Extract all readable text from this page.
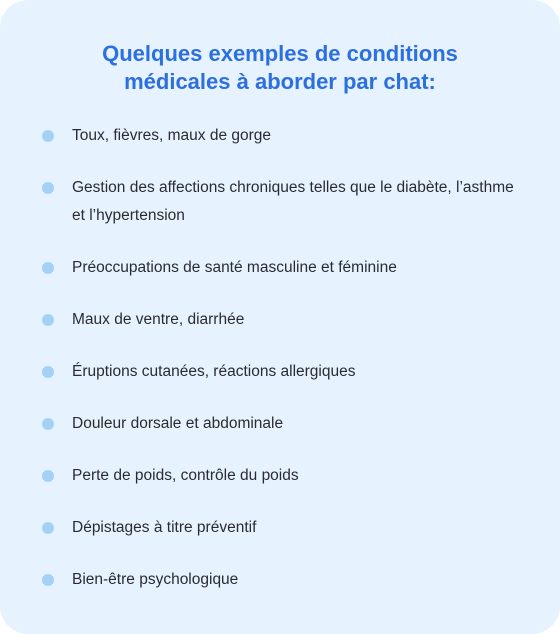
Quelques exemples de conditions
médicales à aborder par chat:

Toux, fièvres, maux de gorge

Gestion des affections chroniques telles que le diabète, l’asthme et l’hypertension

Préoccupations de santé masculine et féminine

Maux de ventre, diarrhée

Éruptions cutanées, réactions allergiques

Douleur dorsale et abdominale

Perte de poids, contrôle du poids

Dépistages à titre préventif

Bien-être psychologique
